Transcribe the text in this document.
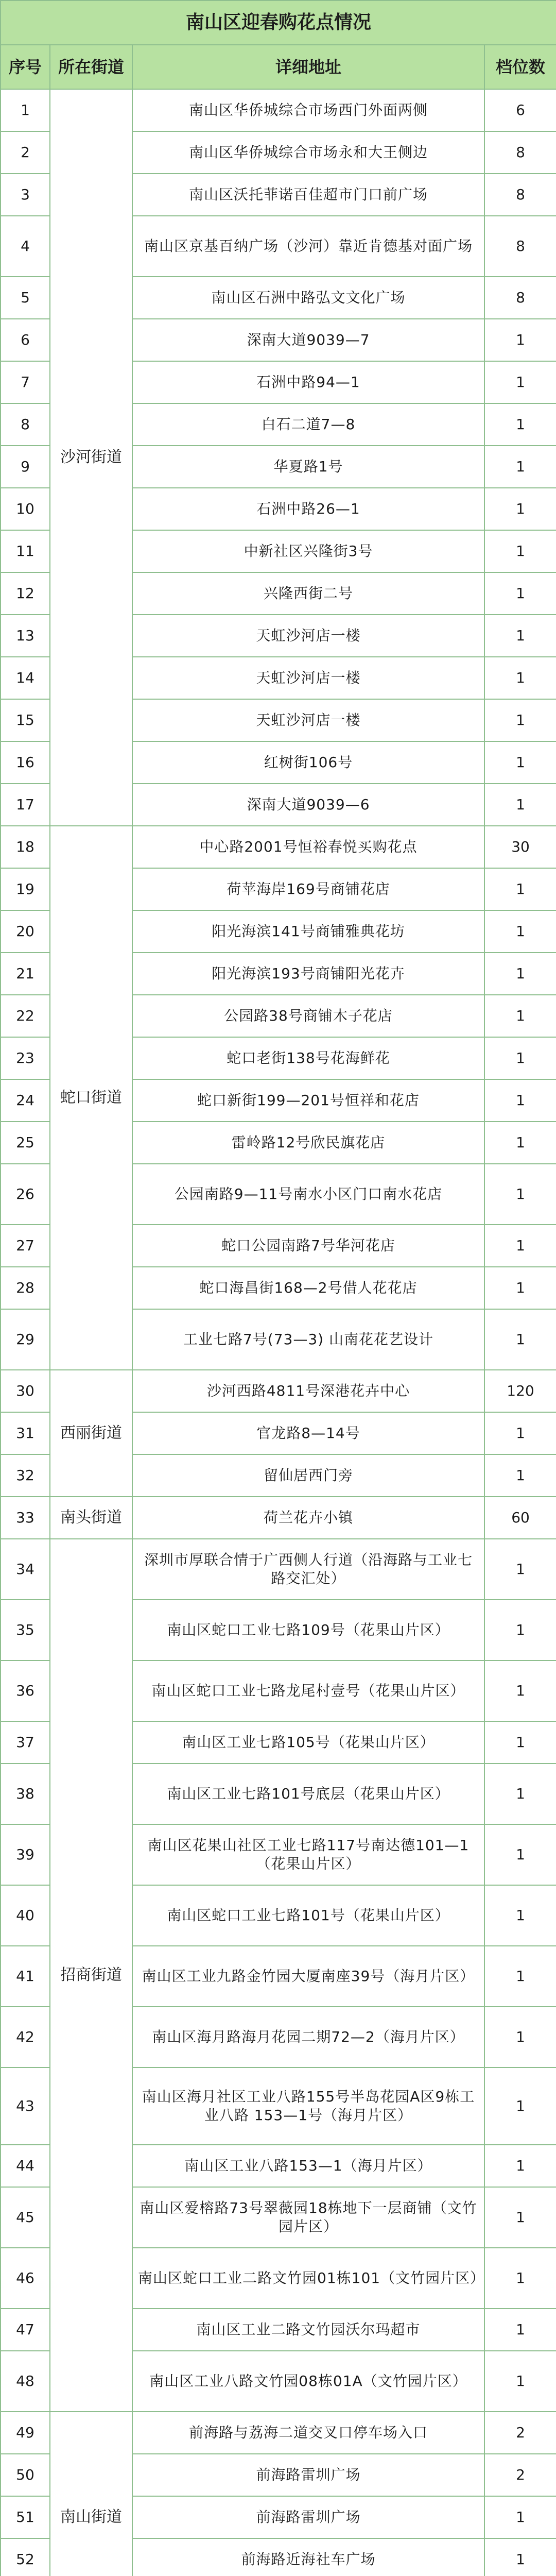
南山区迎春购花点情况			
序号	所在街道	详细地址	档位数
1	沙河街道	南山区华侨城综合市场西门外面两侧	6
2		南山区华侨城综合市场永和大王侧边	8
3		南山区沃托菲诺百佳超市门口前广场	8
4		南山区京基百纳广场（沙河）靠近肯德基对面广场	8
5		南山区石洲中路弘文文化广场	8
6		深南大道9039—7	1
7		石洲中路94—1	1
8		白石二道7—8	1
9		华夏路1号	1
10		石洲中路26—1	1
11		中新社区兴隆街3号	1
12		兴隆西街二号	1
13		天虹沙河店一楼	1
14		天虹沙河店一楼	1
15		天虹沙河店一楼	1
16		红树街106号	1
17		深南大道9039—6	1
18	蛇口街道	中心路2001号恒裕春悦买购花点	30
19		荷苹海岸169号商铺花店	1
20		阳光海滨141号商铺雅典花坊	1
21		阳光海滨193号商铺阳光花卉	1
22		公园路38号商铺木子花店	1
23		蛇口老街138号花海鲜花	1
24		蛇口新街199—201号恒祥和花店	1
25		雷岭路12号欣民旗花店	1
26		公园南路9—11号南水小区门口南水花店	1
27		蛇口公园南路7号华河花店	1
28		蛇口海昌街168—2号借人花花店	1
29		工业七路7号(73—3) 山南花花艺设计	1
30	西丽街道	沙河西路4811号深港花卉中心	120
31		官龙路8—14号	1
32		留仙居西门旁	1
33	南头街道	荷兰花卉小镇	60
34	招商街道	深圳市厚联合情于广西侧人行道（沿海路与工业七路交汇处）	1
35		南山区蛇口工业七路109号（花果山片区）	1
36		南山区蛇口工业七路龙尾村壹号（花果山片区）	1
37		南山区工业七路105号（花果山片区）	1
38		南山区工业七路101号底层（花果山片区）	1
39		南山区花果山社区工业七路117号南达德101—1（花果山片区）	1
40		南山区蛇口工业七路101号（花果山片区）	1
41		南山区工业九路金竹园大厦南座39号（海月片区）	1
42		南山区海月路海月花园二期72—2（海月片区）	1
43		南山区海月社区工业八路155号半岛花园A区9栋工业八路 153—1号（海月片区）	1
44		南山区工业八路153—1（海月片区）	1
45		南山区爱榕路73号翠薇园18栋地下一层商铺（文竹园片区）	1
46		南山区蛇口工业二路文竹园01栋101（文竹园片区）	1
47		南山区工业二路文竹园沃尔玛超市	1
48		南山区工业八路文竹园08栋01A（文竹园片区）	1
49	南山街道	前海路与荔海二道交叉口停车场入口	2
50		前海路雷圳广场	2
51		前海路雷圳广场	1
52		前海路近海社车广场	1
